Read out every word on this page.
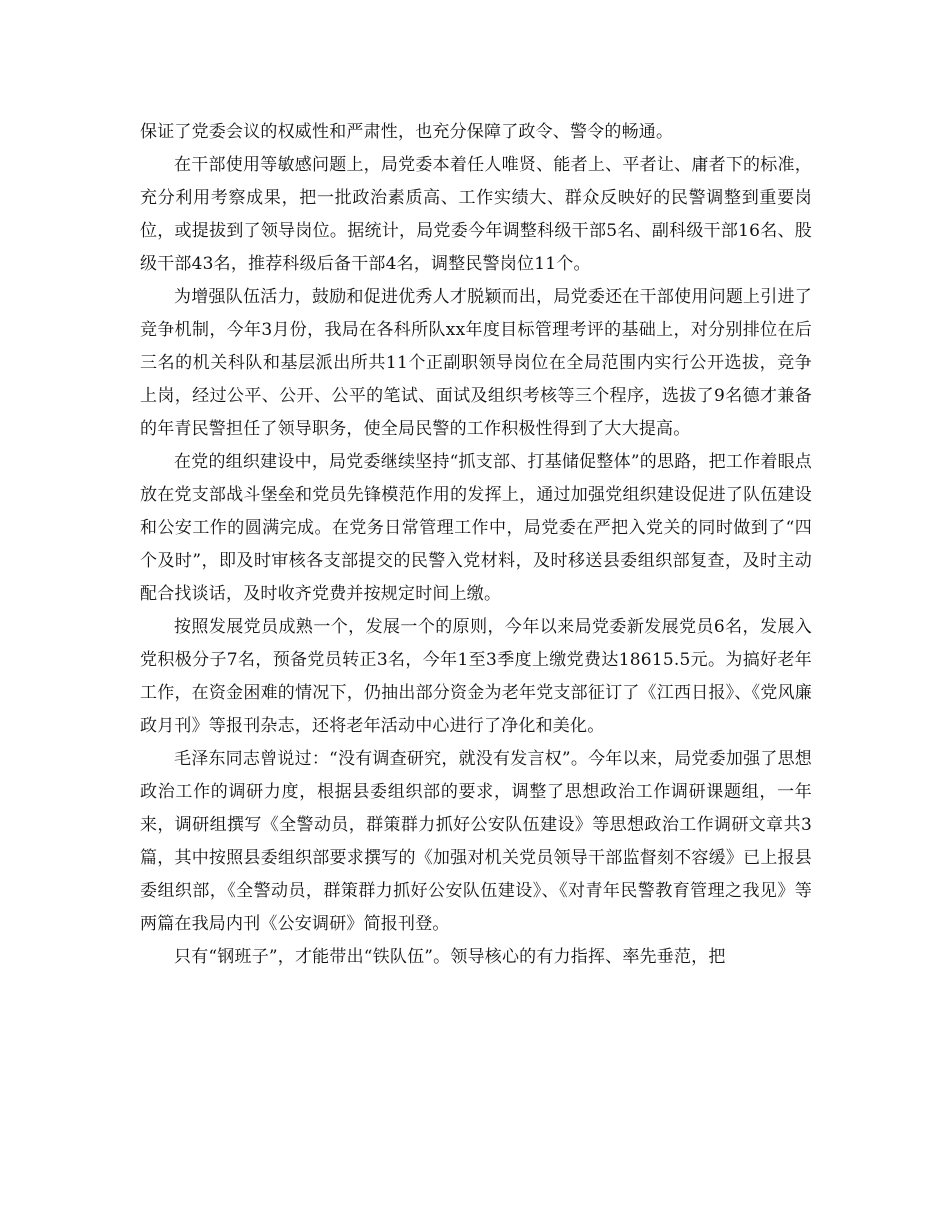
保证了党委会议的权威性和严肃性，也充分保障了政令、警令的畅通。

在干部使用等敏感问题上，局党委本着任人唯贤、能者上、平者让、庸者下的标准，充分利用考察成果，把一批政治素质高、工作实绩大、群众反映好的民警调整到重要岗位，或提拔到了领导岗位。据统计，局党委今年调整科级干部5名、副科级干部16名、股级干部43名，推荐科级后备干部4名，调整民警岗位11个。

为增强队伍活力，鼓励和促进优秀人才脱颖而出，局党委还在干部使用问题上引进了竞争机制，今年3月份，我局在各科所队xx年度目标管理考评的基础上，对分别排位在后三名的机关科队和基层派出所共11个正副职领导岗位在全局范围内实行公开选拔，竞争上岗，经过公平、公开、公平的笔试、面试及组织考核等三个程序，选拔了9名德才兼备的年青民警担任了领导职务，使全局民警的工作积极性得到了大大提高。

在党的组织建设中，局党委继续坚持“抓支部、打基储促整体”的思路，把工作着眼点放在党支部战斗堡垒和党员先锋模范作用的发挥上，通过加强党组织建设促进了队伍建设和公安工作的圆满完成。在党务日常管理工作中，局党委在严把入党关的同时做到了“四个及时”，即及时审核各支部提交的民警入党材料，及时移送县委组织部复查，及时主动配合找谈话，及时收齐党费并按规定时间上缴。

按照发展党员成熟一个，发展一个的原则，今年以来局党委新发展党员6名，发展入党积极分子7名，预备党员转正3名，今年1至3季度上缴党费达18615.5元。为搞好老年工作，在资金困难的情况下，仍抽出部分资金为老年党支部征订了《江西日报》、《党风廉政月刊》等报刊杂志，还将老年活动中心进行了净化和美化。

毛泽东同志曾说过：“没有调查研究，就没有发言权”。今年以来，局党委加强了思想政治工作的调研力度，根据县委组织部的要求，调整了思想政治工作调研课题组，一年来，调研组撰写《全警动员，群策群力抓好公安队伍建设》等思想政治工作调研文章共3篇，其中按照县委组织部要求撰写的《加强对机关党员领导干部监督刻不容缓》已上报县委组织部，《全警动员，群策群力抓好公安队伍建设》、《对青年民警教育管理之我见》等两篇在我局内刊《公安调研》简报刊登。

只有“钢班子”，才能带出“铁队伍”。领导核心的有力指挥、率先垂范，把
